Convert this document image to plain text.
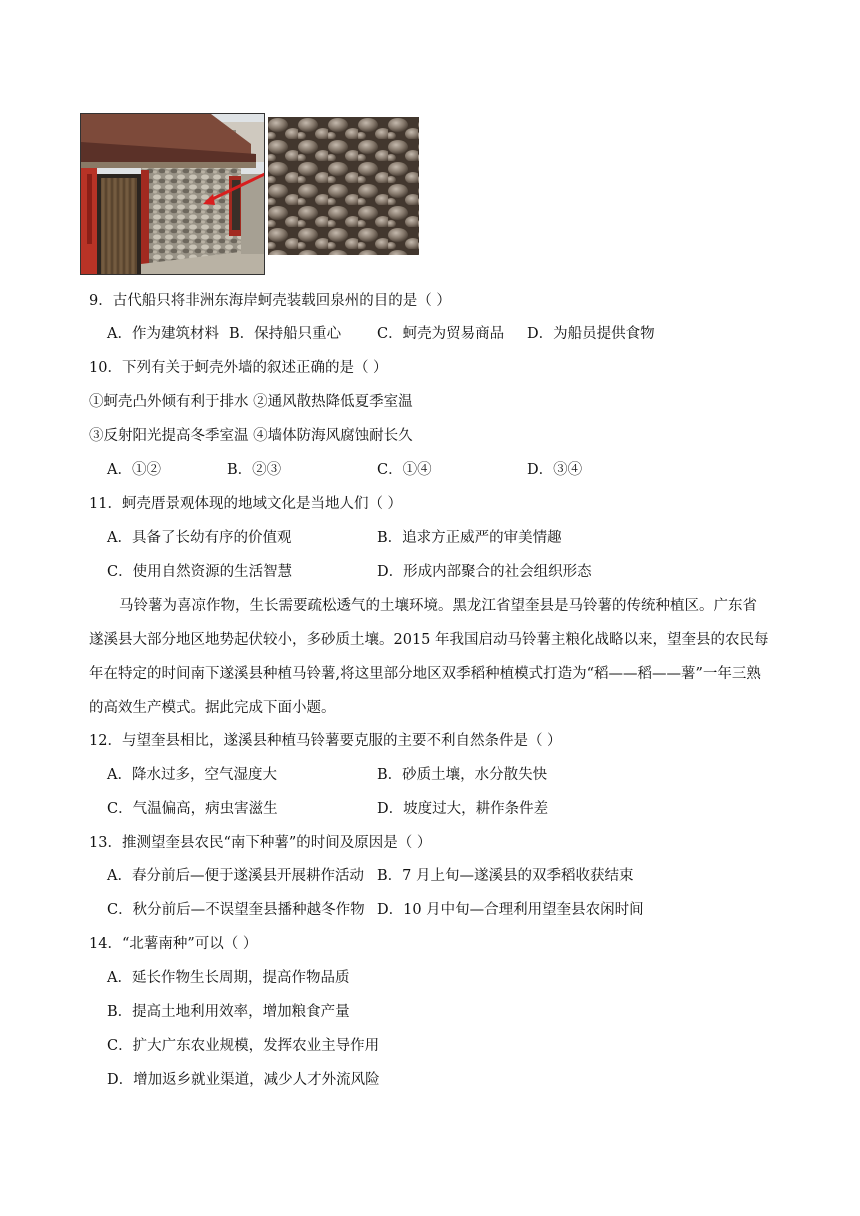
9．古代船只将非洲东海岸蚵壳装载回泉州的目的是（ ）
A．作为建筑材料 B．保持船只重心 C．蚵壳为贸易商品 D．为船员提供食物
10．下列有关于蚵壳外墙的叙述正确的是（ ）
①蚵壳凸外倾有利于排水 ②通风散热降低夏季室温
③反射阳光提高冬季室温 ④墙体防海风腐蚀耐长久
A．①②	B．②③	C．①④	D．③④
11．蚵壳厝景观体现的地域文化是当地人们（ ）
A．具备了长幼有序的价值观	B．追求方正威严的审美情趣
C．使用自然资源的生活智慧	D．形成内部聚合的社会组织形态
马铃薯为喜凉作物，生长需要疏松透气的土壤环境。黑龙江省望奎县是马铃薯的传统种植区。广东省
遂溪县大部分地区地势起伏较小，多砂质土壤。2015 年我国启动马铃薯主粮化战略以来，望奎县的农民每
年在特定的时间南下遂溪县种植马铃薯,将这里部分地区双季稻种植模式打造为“稻——稻——薯”一年三熟
的高效生产模式。据此完成下面小题。
12．与望奎县相比，遂溪县种植马铃薯要克服的主要不利自然条件是（ ）
A．降水过多，空气湿度大	B．砂质土壤，水分散失快
C．气温偏高，病虫害滋生	D．坡度过大，耕作条件差
13．推测望奎县农民“南下种薯”的时间及原因是（ ）
A．春分前后—便于遂溪县开展耕作活动 B．7 月上旬—遂溪县的双季稻收获结束
C．秋分前后—不误望奎县播种越冬作物 D．10 月中旬—合理利用望奎县农闲时间
14．“北薯南种”可以（ ）
A．延长作物生长周期，提高作物品质
B．提高土地利用效率，增加粮食产量
C．扩大广东农业规模，发挥农业主导作用
D．增加返乡就业渠道，减少人才外流风险
